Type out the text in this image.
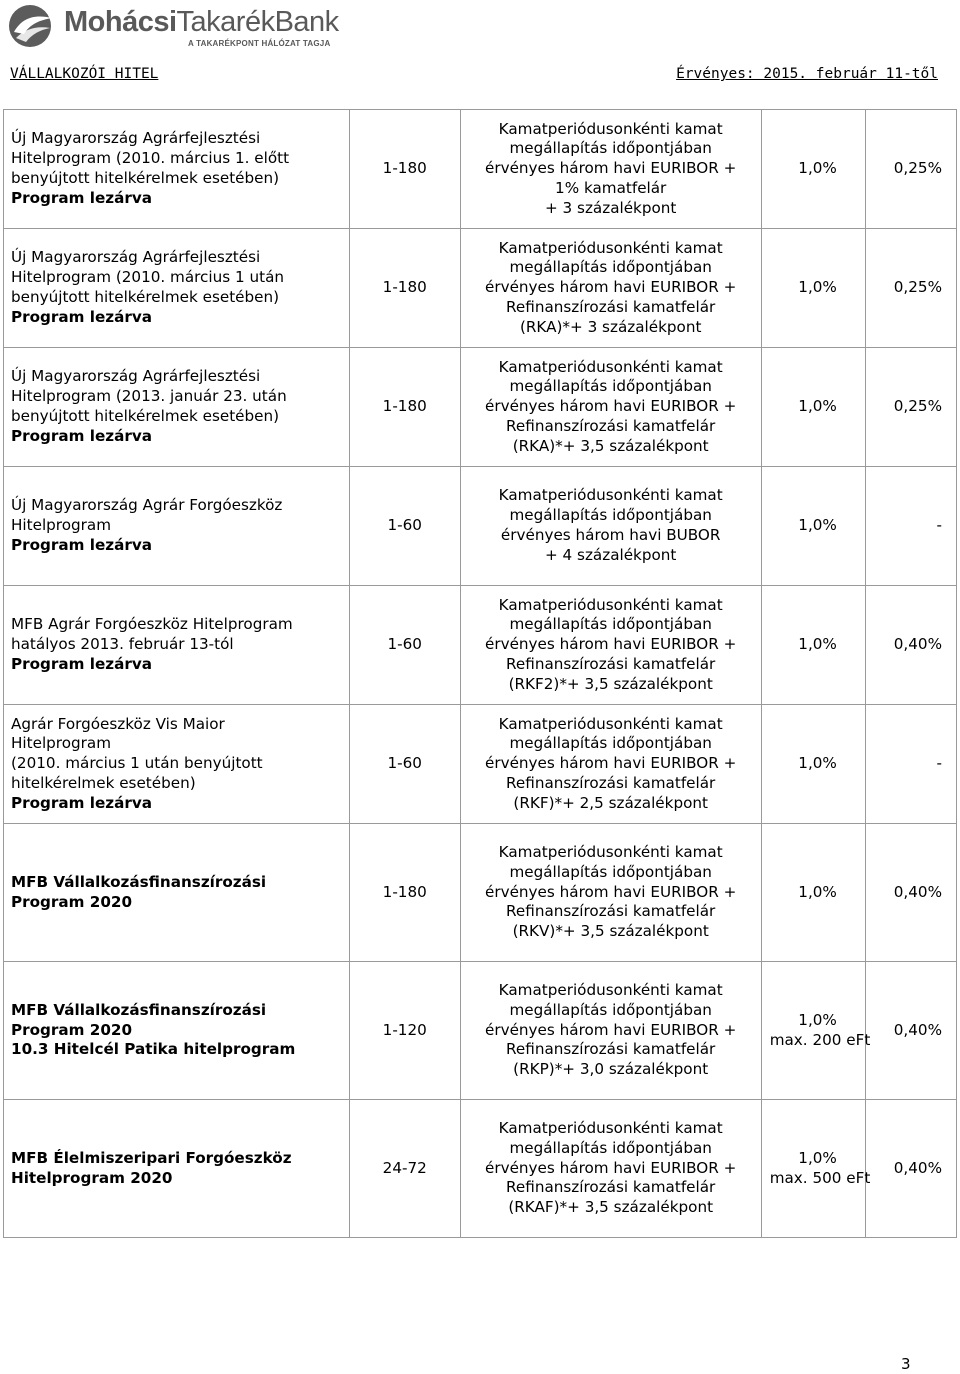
MohácsiTakarékBank
A TAKARÉKPONT HÁLÓZAT TAGJA
VÁLLALKOZÓI HITEL	Érvényes: 2015. február 11-től
Új Magyarország Agrárfejlesztési
Hitelprogram (2010. március 1. előtt
benyújtott hitelkérelmek esetében)
Program lezárva	1-180	Kamatperiódusonkénti kamat
megállapítás időpontjában
érvényes három havi EURIBOR +
1% kamatfelár
+ 3 százalékpont	1,0%	0,25%

Új Magyarország Agrárfejlesztési
Hitelprogram (2010. március 1 után
benyújtott hitelkérelmek esetében)
Program lezárva	1-180	Kamatperiódusonkénti kamat
megállapítás időpontjában
érvényes három havi EURIBOR +
Refinanszírozási kamatfelár
(RKA)*+ 3 százalékpont	1,0%	0,25%

Új Magyarország Agrárfejlesztési
Hitelprogram (2013. január 23. után
benyújtott hitelkérelmek esetében)
Program lezárva	1-180	Kamatperiódusonkénti kamat
megállapítás időpontjában
érvényes három havi EURIBOR +
Refinanszírozási kamatfelár
(RKA)*+ 3,5 százalékpont	1,0%	0,25%

Új Magyarország Agrár Forgóeszköz
Hitelprogram
Program lezárva	1-60	Kamatperiódusonkénti kamat
megállapítás időpontjában
érvényes három havi BUBOR
+ 4 százalékpont	1,0%	-

MFB Agrár Forgóeszköz Hitelprogram
hatályos 2013. február 13-tól
Program lezárva	1-60	Kamatperiódusonkénti kamat
megállapítás időpontjában
érvényes három havi EURIBOR +
Refinanszírozási kamatfelár
(RKF2)*+ 3,5 százalékpont	1,0%	0,40%

Agrár Forgóeszköz Vis Maior
Hitelprogram
(2010. március 1 után benyújtott
hitelkérelmek esetében)
Program lezárva	1-60	Kamatperiódusonkénti kamat
megállapítás időpontjában
érvényes három havi EURIBOR +
Refinanszírozási kamatfelár
(RKF)*+ 2,5 százalékpont	1,0%	-

MFB Vállalkozásfinanszírozási
Program 2020	1-180	Kamatperiódusonkénti kamat
megállapítás időpontjában
érvényes három havi EURIBOR +
Refinanszírozási kamatfelár
(RKV)*+ 3,5 százalékpont	1,0%	0,40%

MFB Vállalkozásfinanszírozási
Program 2020
10.3 Hitelcél Patika hitelprogram	1-120	Kamatperiódusonkénti kamat
megállapítás időpontjában
érvényes három havi EURIBOR +
Refinanszírozási kamatfelár
(RKP)*+ 3,0 százalékpont	1,0%
max. 200 eFt	0,40%

MFB Élelmiszeripari Forgóeszköz
Hitelprogram 2020	24-72	Kamatperiódusonkénti kamat
megállapítás időpontjában
érvényes három havi EURIBOR +
Refinanszírozási kamatfelár
(RKAF)*+ 3,5 százalékpont	1,0%
max. 500 eFt	0,40%
3
